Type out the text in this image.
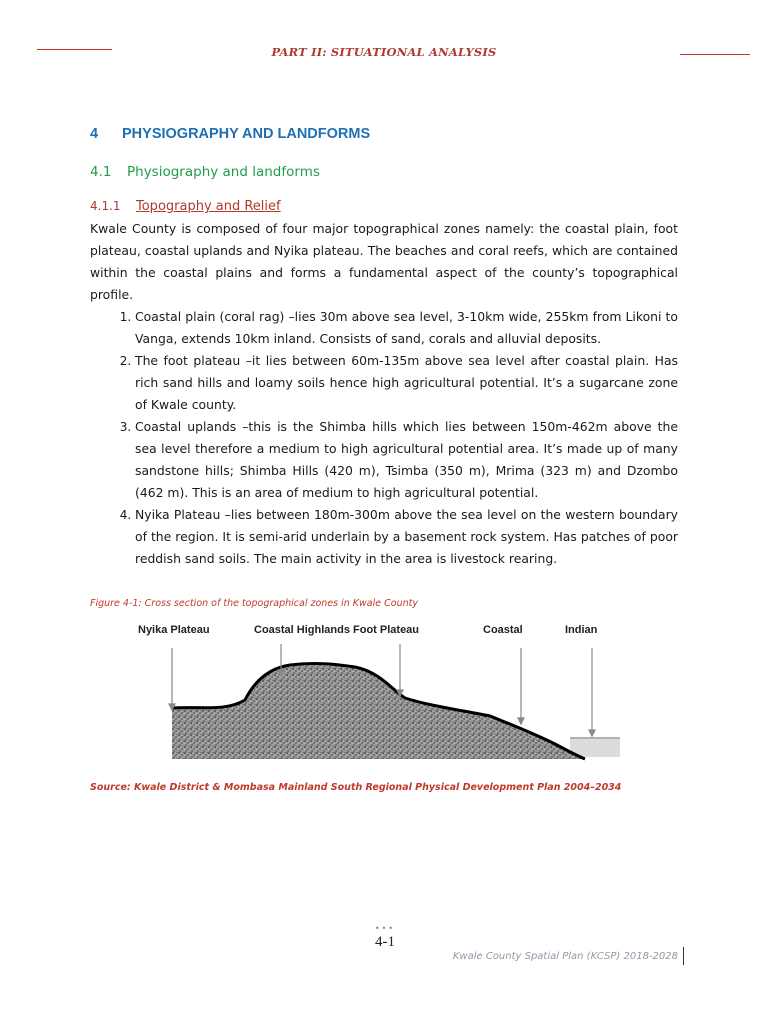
PART II: SITUATIONAL ANALYSIS
4 PHYSIOGRAPHY AND LANDFORMS
4.1 Physiography and landforms
4.1.1 Topography and Relief

Kwale County is composed of four major topographical zones namely: the coastal plain, foot plateau, coastal uplands and Nyika plateau. The beaches and coral reefs, which are contained within the coastal plains and forms a fundamental aspect of the county’s topographical profile.

1. Coastal plain (coral rag) –lies 30m above sea level, 3-10km wide, 255km from Likoni to Vanga, extends 10km inland. Consists of sand, corals and alluvial deposits.
2. The foot plateau –it lies between 60m-135m above sea level after coastal plain. Has rich sand hills and loamy soils hence high agricultural potential. It’s a sugarcane zone of Kwale county.
3. Coastal uplands –this is the Shimba hills which lies between 150m-462m above the sea level therefore a medium to high agricultural potential area. It’s made up of many sandstone hills; Shimba Hills (420 m), Tsimba (350 m), Mrima (323 m) and Dzombo (462 m). This is an area of medium to high agricultural potential.
4. Nyika Plateau –lies between 180m-300m above the sea level on the western boundary of the region. It is semi-arid underlain by a basement rock system. Has patches of poor reddish sand soils. The main activity in the area is livestock rearing.
Figure 4-1: Cross section of the topographical zones in Kwale County
Nyika Plateau	Coastal Highlands Foot Plateau	Coastal	Indian
Source: Kwale District & Mombasa Mainland South Regional Physical Development Plan 2004–2034
•••
4-1
Kwale County Spatial Plan (KCSP) 2018-2028
